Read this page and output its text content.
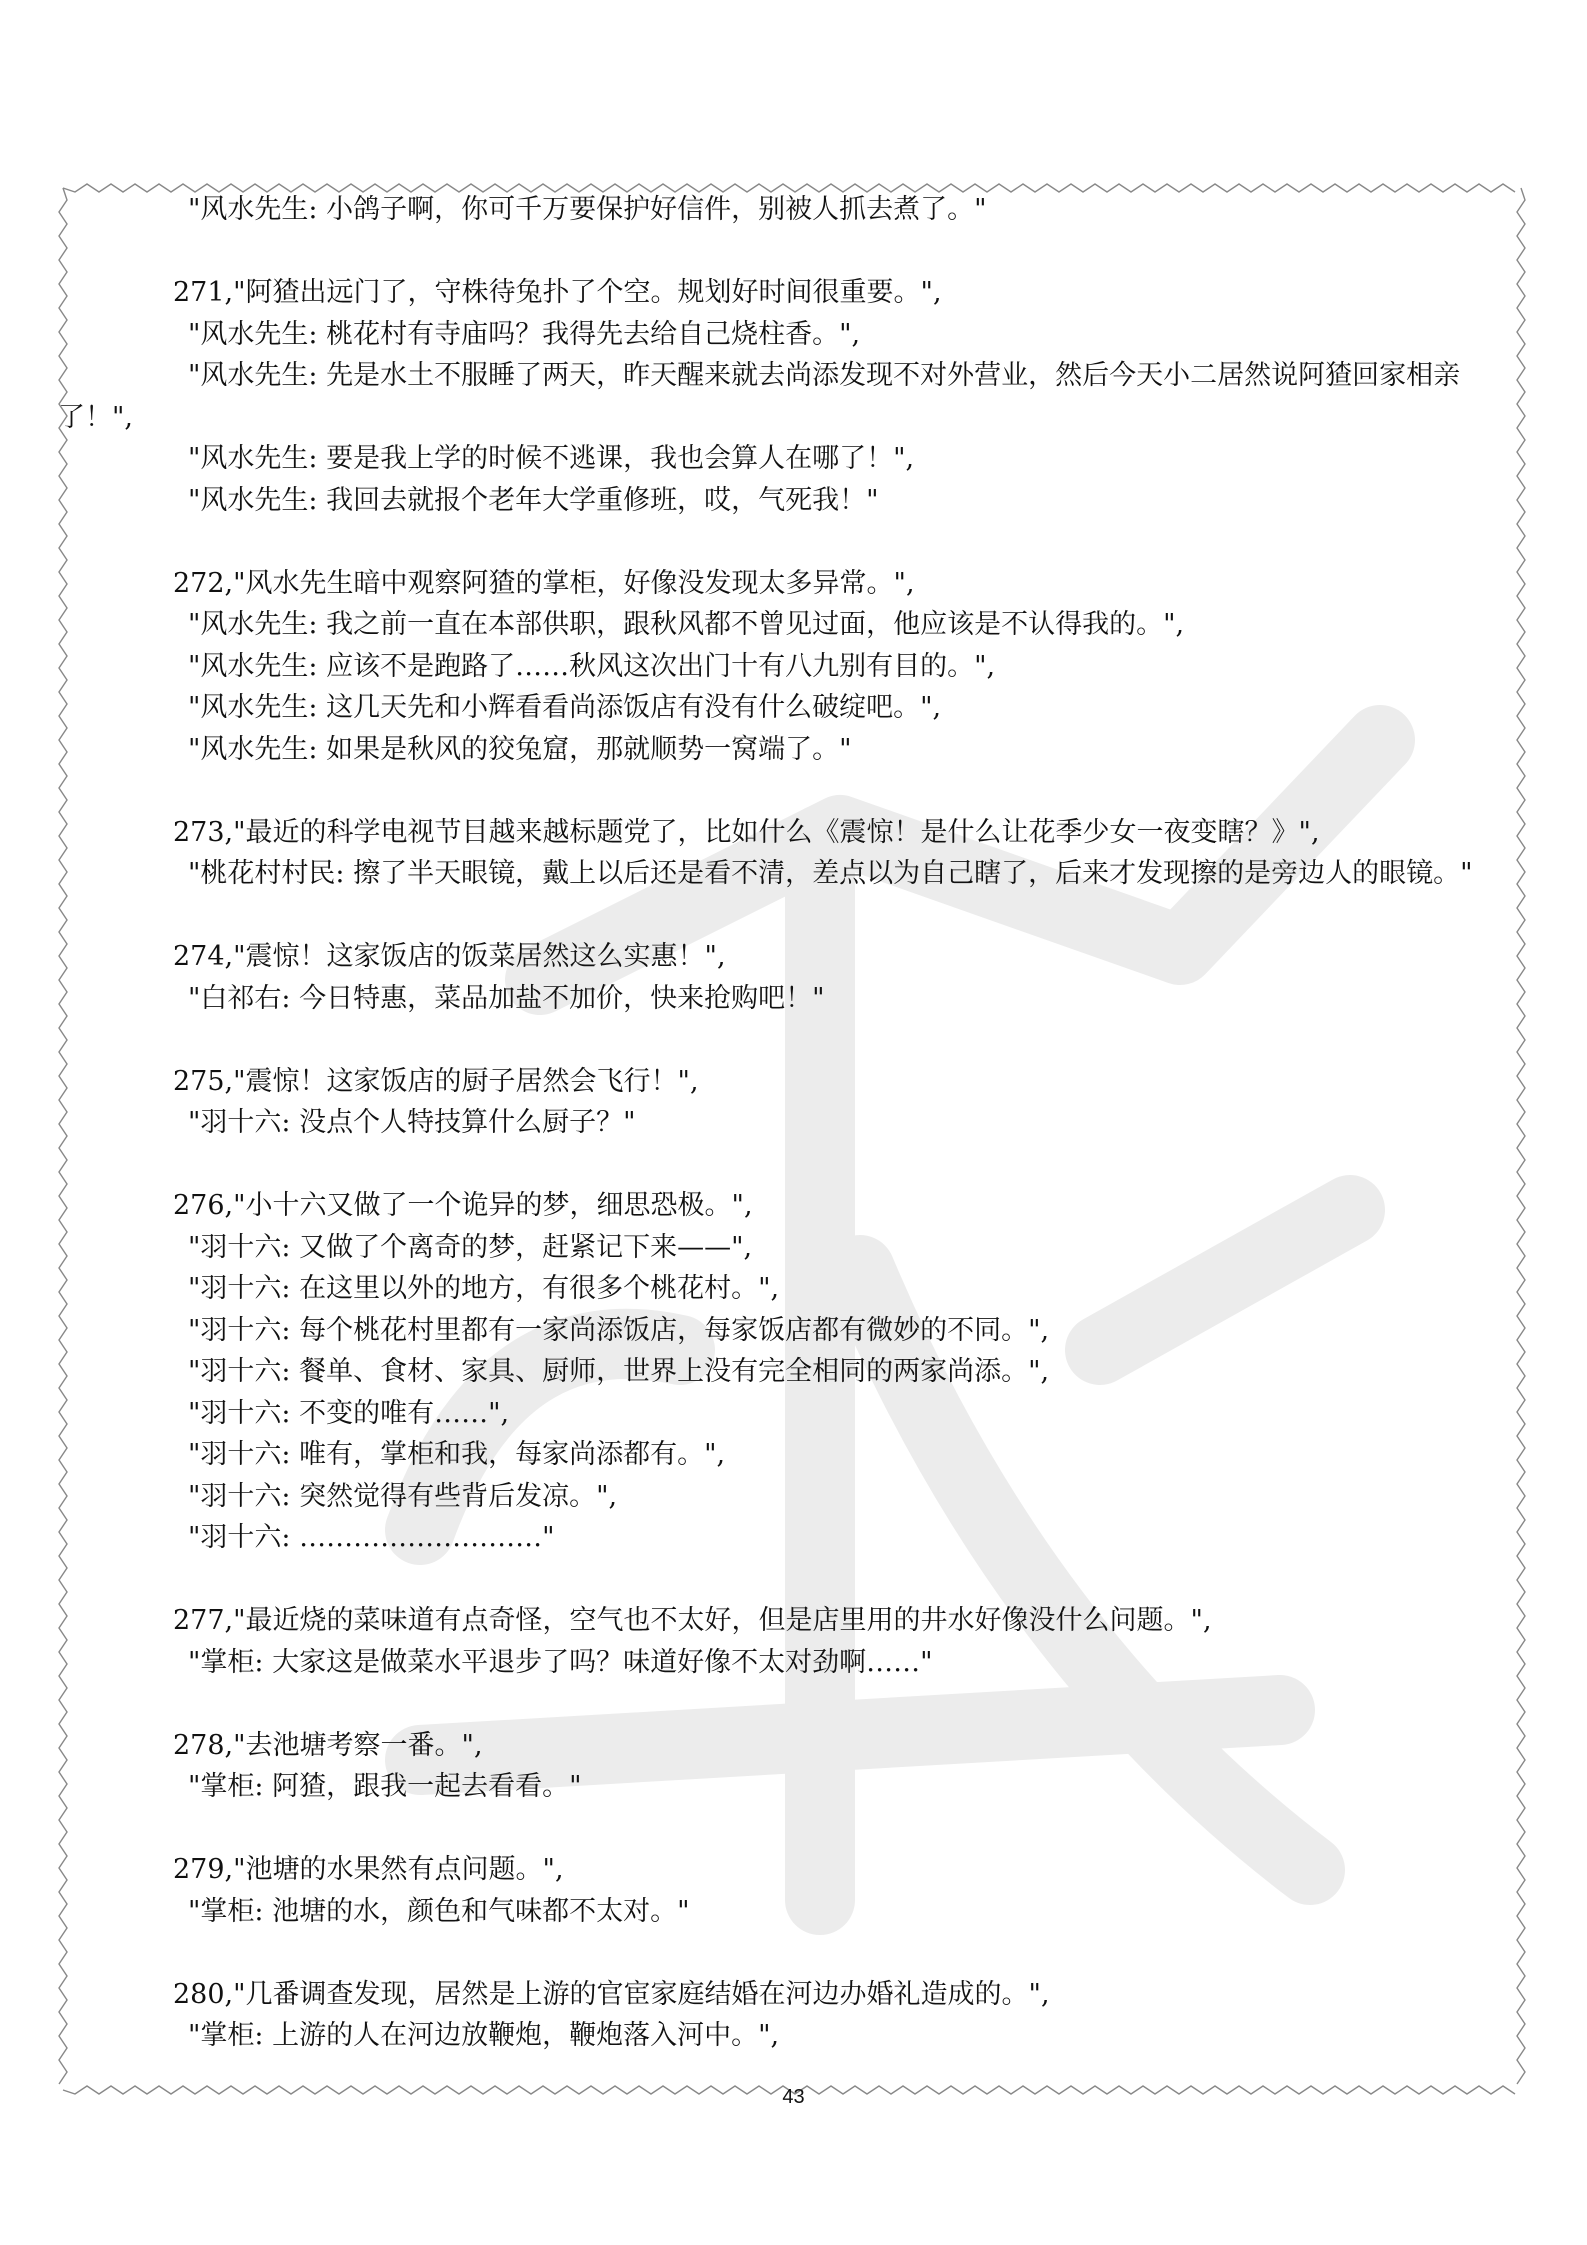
"风水先生: 小鸽子啊，你可千万要保护好信件，别被人抓去煮了。"
271,"阿猹出远门了，守株待兔扑了个空。规划好时间很重要。",
"风水先生: 桃花村有寺庙吗？我得先去给自己烧柱香。",
"风水先生: 先是水土不服睡了两天，昨天醒来就去尚添发现不对外营业，然后今天小二居然说阿猹回家相亲
了！",
"风水先生: 要是我上学的时候不逃课，我也会算人在哪了！",
"风水先生: 我回去就报个老年大学重修班，哎，气死我！"
272,"风水先生暗中观察阿猹的掌柜，好像没发现太多异常。",
"风水先生: 我之前一直在本部供职，跟秋风都不曾见过面，他应该是不认得我的。",
"风水先生: 应该不是跑路了……秋风这次出门十有八九别有目的。",
"风水先生: 这几天先和小辉看看尚添饭店有没有什么破绽吧。",
"风水先生: 如果是秋风的狡兔窟，那就顺势一窝端了。"
273,"最近的科学电视节目越来越标题党了，比如什么《震惊！是什么让花季少女一夜变瞎？》",
"桃花村村民: 擦了半天眼镜，戴上以后还是看不清，差点以为自己瞎了，后来才发现擦的是旁边人的眼镜。"
274,"震惊！这家饭店的饭菜居然这么实惠！",
"白祁右: 今日特惠，菜品加盐不加价，快来抢购吧！"
275,"震惊！这家饭店的厨子居然会飞行！",
"羽十六: 没点个人特技算什么厨子？"
276,"小十六又做了一个诡异的梦，细思恐极。",
"羽十六: 又做了个离奇的梦，赶紧记下来——",
"羽十六: 在这里以外的地方，有很多个桃花村。",
"羽十六: 每个桃花村里都有一家尚添饭店，每家饭店都有微妙的不同。",
"羽十六: 餐单、食材、家具、厨师，世界上没有完全相同的两家尚添。",
"羽十六: 不变的唯有……",
"羽十六: 唯有，掌柜和我，每家尚添都有。",
"羽十六: 突然觉得有些背后发凉。",
"羽十六: ………………………"
277,"最近烧的菜味道有点奇怪，空气也不太好，但是店里用的井水好像没什么问题。",
"掌柜: 大家这是做菜水平退步了吗？味道好像不太对劲啊……"
278,"去池塘考察一番。",
"掌柜: 阿猹，跟我一起去看看。"
279,"池塘的水果然有点问题。",
"掌柜: 池塘的水，颜色和气味都不太对。"
280,"几番调查发现，居然是上游的官宦家庭结婚在河边办婚礼造成的。",
"掌柜: 上游的人在河边放鞭炮，鞭炮落入河中。",
43
